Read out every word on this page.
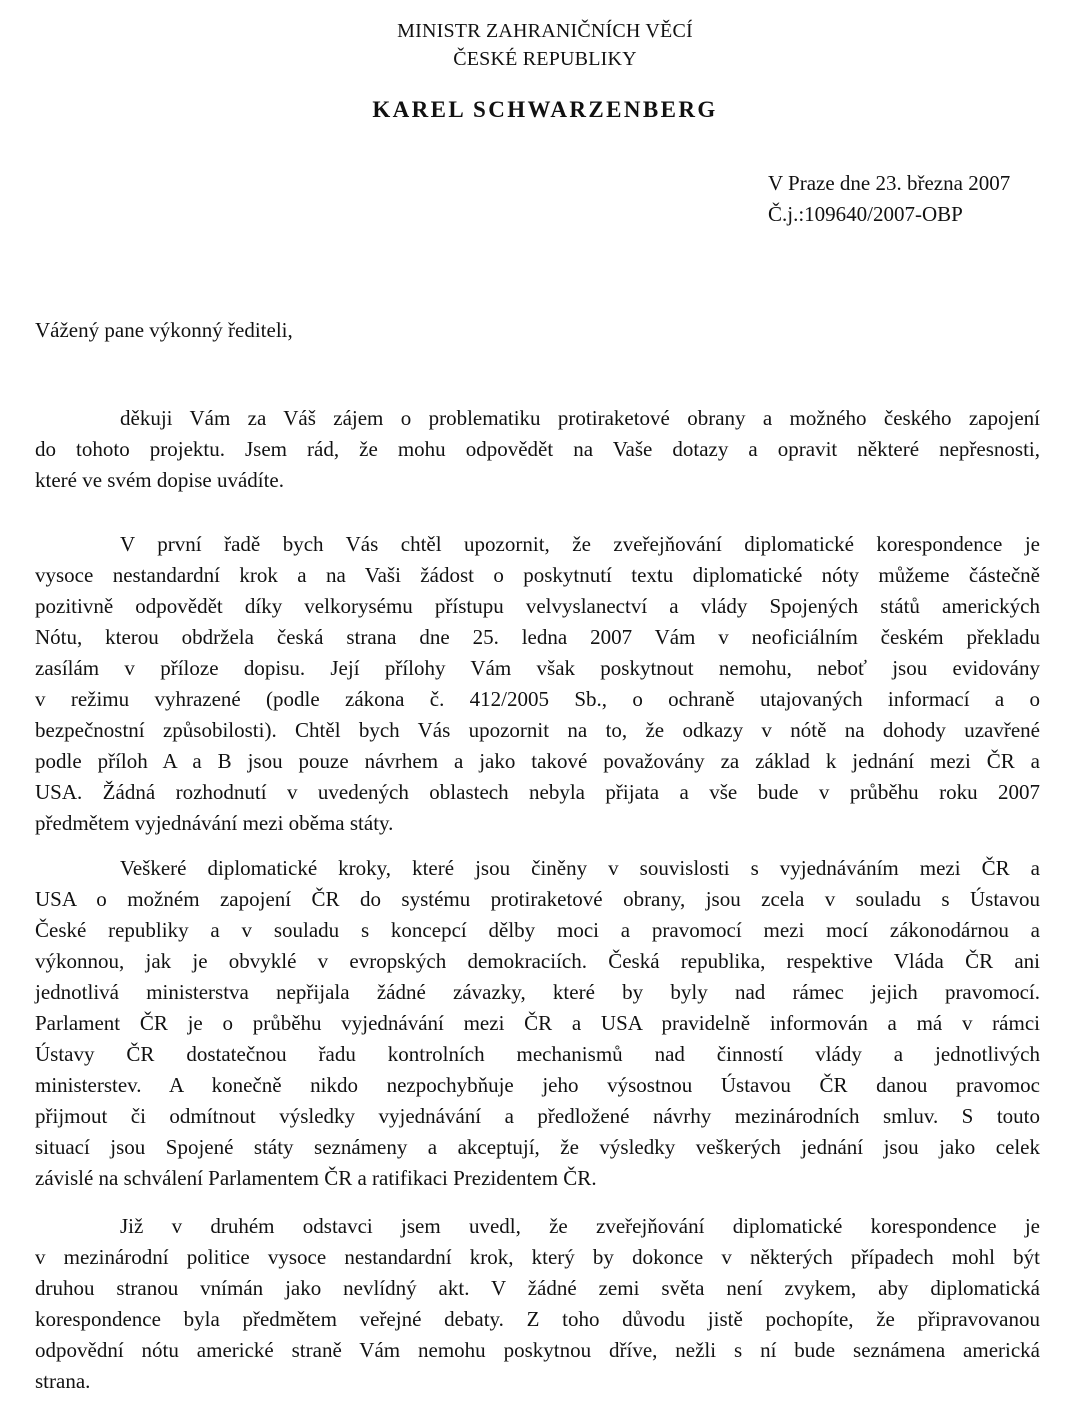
MINISTR ZAHRANIČNÍCH VĚCÍ
ČESKÉ REPUBLIKY
KAREL SCHWARZENBERG
V Praze dne 23. března 2007
Č.j.:109640/2007-OBP
Vážený pane výkonný řediteli,
děkuji Vám za Váš zájem o problematiku protiraketové obrany a možného českého zapojení
do tohoto projektu. Jsem rád, že mohu odpovědět na Vaše dotazy a opravit některé nepřesnosti,
které ve svém dopise uvádíte.
V první řadě bych Vás chtěl upozornit, že zveřejňování diplomatické korespondence je
vysoce nestandardní krok a na Vaši žádost o poskytnutí textu diplomatické nóty můžeme částečně
pozitivně odpovědět díky velkorysému přístupu velvyslanectví a vlády Spojených států amerických
Nótu, kterou obdržela česká strana dne 25. ledna 2007 Vám v neoficiálním českém překladu
zasílám v příloze dopisu. Její přílohy Vám však poskytnout nemohu, neboť jsou evidovány
v režimu vyhrazené (podle zákona č. 412/2005 Sb., o ochraně utajovaných informací a o
bezpečnostní způsobilosti). Chtěl bych Vás upozornit na to, že odkazy v nótě na dohody uzavřené
podle příloh A a B jsou pouze návrhem a jako takové považovány za základ k jednání mezi ČR a
USA. Žádná rozhodnutí v uvedených oblastech nebyla přijata a vše bude v průběhu roku 2007
předmětem vyjednávání mezi oběma státy.
Veškeré diplomatické kroky, které jsou činěny v souvislosti s vyjednáváním mezi ČR a
USA o možném zapojení ČR do systému protiraketové obrany, jsou zcela v souladu s Ústavou
České republiky a v souladu s koncepcí dělby moci a pravomocí mezi mocí zákonodárnou a
výkonnou, jak je obvyklé v evropských demokraciích. Česká republika, respektive Vláda ČR ani
jednotlivá ministerstva nepřijala žádné závazky, které by byly nad rámec jejich pravomocí.
Parlament ČR je o průběhu vyjednávání mezi ČR a USA pravidelně informován a má v rámci
Ústavy ČR dostatečnou řadu kontrolních mechanismů nad činností vlády a jednotlivých
ministerstev. A konečně nikdo nezpochybňuje jeho výsostnou Ústavou ČR danou pravomoc
přijmout či odmítnout výsledky vyjednávání a předložené návrhy mezinárodních smluv. S touto
situací jsou Spojené státy seznámeny a akceptují, že výsledky veškerých jednání jsou jako celek
závislé na schválení Parlamentem ČR a ratifikaci Prezidentem ČR.
Již v druhém odstavci jsem uvedl, že zveřejňování diplomatické korespondence je
v mezinárodní politice vysoce nestandardní krok, který by dokonce v některých případech mohl být
druhou stranou vnímán jako nevlídný akt. V žádné zemi světa není zvykem, aby diplomatická
korespondence byla předmětem veřejné debaty. Z toho důvodu jistě pochopíte, že připravovanou
odpovědní nótu americké straně Vám nemohu poskytnou dříve, nežli s ní bude seznámena americká
strana.
